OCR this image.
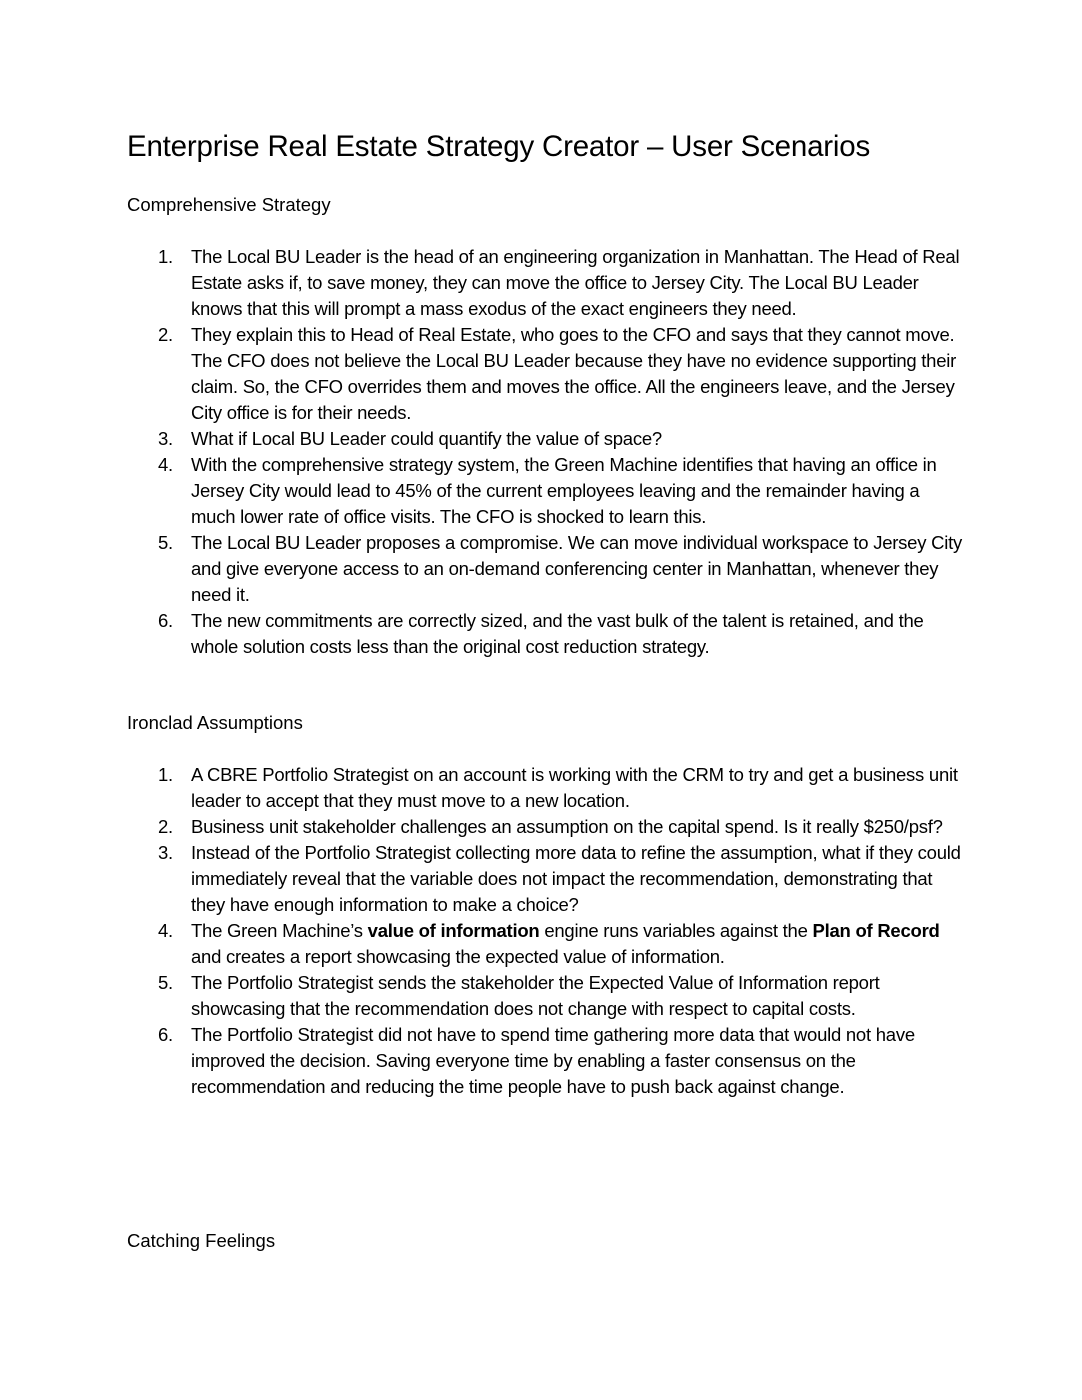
Enterprise Real Estate Strategy Creator – User Scenarios
Comprehensive Strategy
1. The Local BU Leader is the head of an engineering organization in Manhattan. The Head of Real Estate asks if, to save money, they can move the office to Jersey City. The Local BU Leader knows that this will prompt a mass exodus of the exact engineers they need.
2. They explain this to Head of Real Estate, who goes to the CFO and says that they cannot move. The CFO does not believe the Local BU Leader because they have no evidence supporting their claim. So, the CFO overrides them and moves the office. All the engineers leave, and the Jersey City office is for their needs.
3. What if Local BU Leader could quantify the value of space?
4. With the comprehensive strategy system, the Green Machine identifies that having an office in Jersey City would lead to 45% of the current employees leaving and the remainder having a much lower rate of office visits. The CFO is shocked to learn this.
5. The Local BU Leader proposes a compromise. We can move individual workspace to Jersey City and give everyone access to an on-demand conferencing center in Manhattan, whenever they need it.
6. The new commitments are correctly sized, and the vast bulk of the talent is retained, and the whole solution costs less than the original cost reduction strategy.
Ironclad Assumptions
1. A CBRE Portfolio Strategist on an account is working with the CRM to try and get a business unit leader to accept that they must move to a new location.
2. Business unit stakeholder challenges an assumption on the capital spend. Is it really $250/psf?
3. Instead of the Portfolio Strategist collecting more data to refine the assumption, what if they could immediately reveal that the variable does not impact the recommendation, demonstrating that they have enough information to make a choice?
4. The Green Machine’s value of information engine runs variables against the Plan of Record and creates a report showcasing the expected value of information.
5. The Portfolio Strategist sends the stakeholder the Expected Value of Information report showcasing that the recommendation does not change with respect to capital costs.
6. The Portfolio Strategist did not have to spend time gathering more data that would not have improved the decision. Saving everyone time by enabling a faster consensus on the recommendation and reducing the time people have to push back against change.
Catching Feelings
